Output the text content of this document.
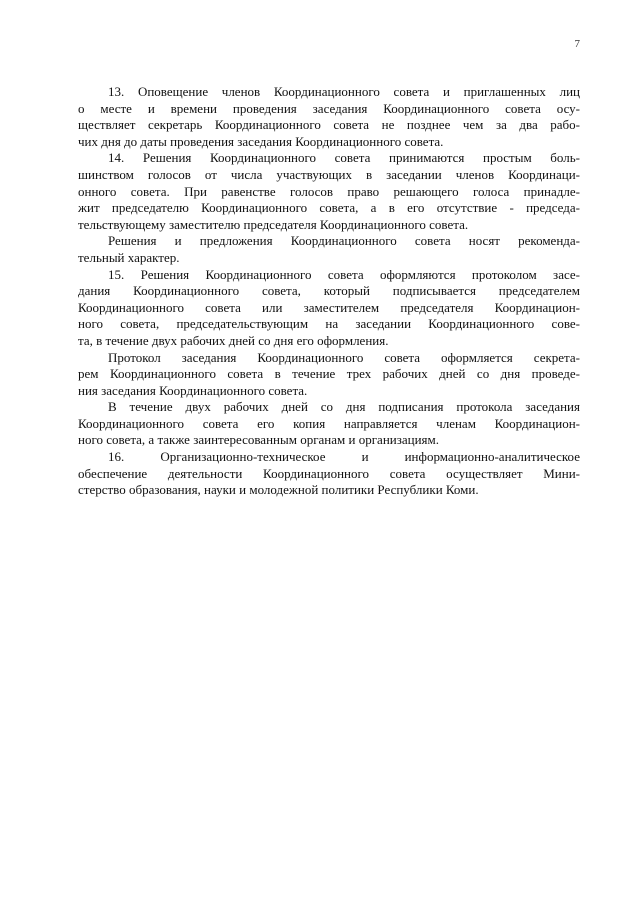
7
13. Оповещение членов Координационного совета и приглашенных лиц
о месте и времени проведения заседания Координационного совета осу-
ществляет секретарь Координационного совета не позднее чем за два рабо-
чих дня до даты проведения заседания Координационного совета.
14. Решения Координационного совета принимаются простым боль-
шинством голосов от числа участвующих в заседании членов Координаци-
онного совета. При равенстве голосов право решающего голоса принадле-
жит председателю Координационного совета, а в его отсутствие - председа-
тельствующему заместителю председателя Координационного совета.
Решения и предложения Координационного совета носят рекоменда-
тельный характер.
15. Решения Координационного совета оформляются протоколом засе-
дания Координационного совета, который подписывается председателем
Координационного совета или заместителем председателя Координацион-
ного совета, председательствующим на заседании Координационного сове-
та, в течение двух рабочих дней со дня его оформления.
Протокол заседания Координационного совета оформляется секрета-
рем Координационного совета в течение трех рабочих дней со дня проведе-
ния заседания Координационного совета.
В течение двух рабочих дней со дня подписания протокола заседания
Координационного совета его копия направляется членам Координацион-
ного совета, а также заинтересованным органам и организациям.
16. Организационно-техническое и информационно-аналитическое
обеспечение деятельности Координационного совета осуществляет Мини-
стерство образования, науки и молодежной политики Республики Коми.
